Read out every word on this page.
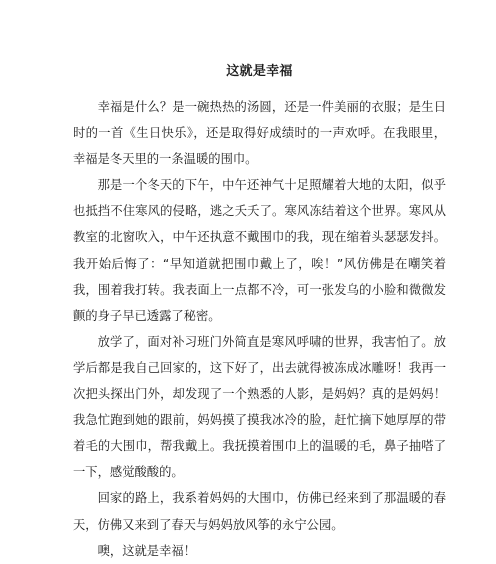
这就是幸福

幸福是什么？是一碗热热的汤圆，还是一件美丽的衣服；是生日时的一首《生日快乐》，还是取得好成绩时的一声欢呼。在我眼里，幸福是冬天里的一条温暖的围巾。

那是一个冬天的下午，中午还神气十足照耀着大地的太阳，似乎也抵挡不住寒风的侵略，逃之夭夭了。寒风冻结着这个世界。寒风从教室的北窗吹入，中午还执意不戴围巾的我，现在缩着头瑟瑟发抖。我开始后悔了：“早知道就把围巾戴上了，唉！”风仿佛是在嘲笑着我，围着我打转。我表面上一点都不冷，可一张发乌的小脸和微微发颤的身子早已透露了秘密。

放学了，面对补习班门外简直是寒风呼啸的世界，我害怕了。放学后都是我自己回家的，这下好了，出去就得被冻成冰雕呀！我再一次把头探出门外，却发现了一个熟悉的人影，是妈妈？真的是妈妈！我急忙跑到她的跟前，妈妈摸了摸我冰冷的脸，赶忙摘下她厚厚的带着毛的大围巾，帮我戴上。我抚摸着围巾上的温暖的毛，鼻子抽嗒了一下，感觉酸酸的。

回家的路上，我系着妈妈的大围巾，仿佛已经来到了那温暖的春天，仿佛又来到了春天与妈妈放风筝的永宁公园。

噢，这就是幸福！
